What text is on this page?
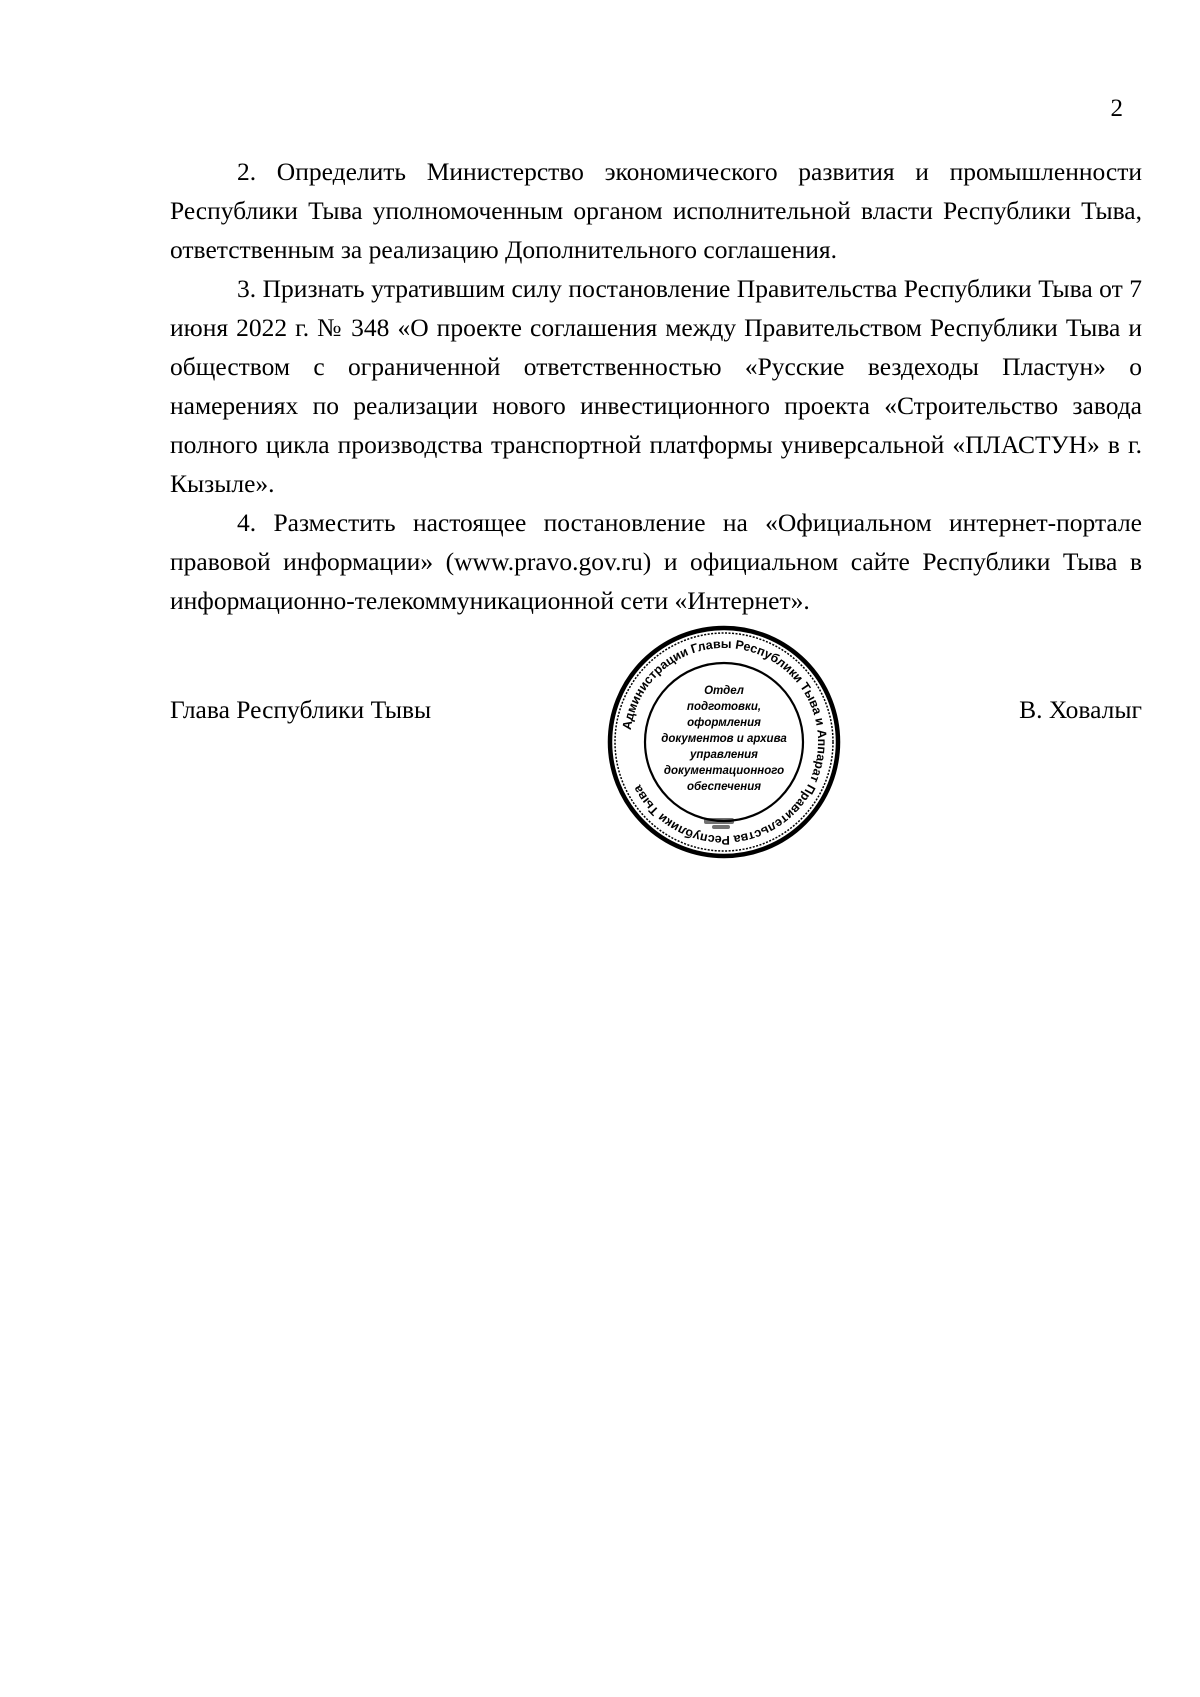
2

2. Определить Министерство экономического развития и промышленности Республики Тыва уполномоченным органом исполнительной власти Республики Тыва, ответственным за реализацию Дополнительного соглашения.

3. Признать утратившим силу постановление Правительства Республики Тыва от 7 июня 2022 г. № 348 «О проекте соглашения между Правительством Республики Тыва и обществом с ограниченной ответственностью «Русские вездеходы Пластун» о намерениях по реализации нового инвестиционного проекта «Строительство завода полного цикла производства транспортной платформы универсальной «ПЛАСТУН» в г. Кызыле».

4. Разместить настоящее постановление на «Официальном интернет-портале правовой информации» (www.pravo.gov.ru) и официальном сайте Республики Тыва в информационно-телекоммуникационной сети «Интернет».

Глава Республики Тывы	В. Ховалыг
Администрации Главы Республики Тыва и Аппарат Правительства Республики Тыва
Отдел
подготовки,
оформления
документов и архива
управления
документационного
обеспечения
